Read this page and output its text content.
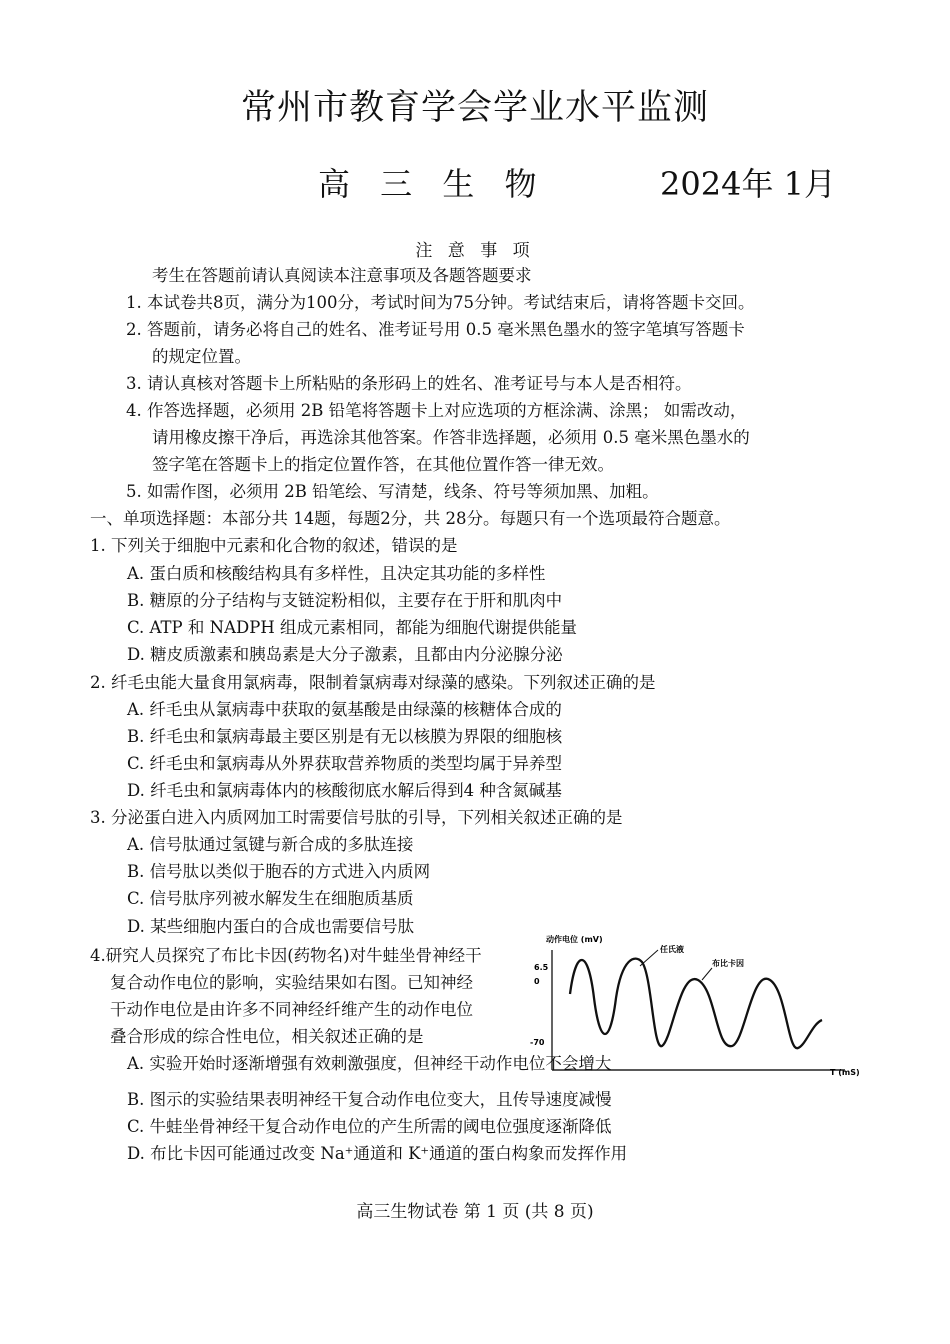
常州市教育学会学业水平监测
高 三 生 物	2024年 1月
注 意 事 项
考生在答题前请认真阅读本注意事项及各题答题要求
1. 本试卷共8页，满分为100分，考试时间为75分钟。考试结束后，请将答题卡交回。
2. 答题前，请务必将自己的姓名、准考证号用 0.5 毫米黑色墨水的签字笔填写答题卡
的规定位置。
3. 请认真核对答题卡上所粘贴的条形码上的姓名、准考证号与本人是否相符。
4. 作答选择题，必须用 2B 铅笔将答题卡上对应选项的方框涂满、涂黑； 如需改动，
请用橡皮擦干净后，再选涂其他答案。作答非选择题，必须用 0.5 毫米黑色墨水的
签字笔在答题卡上的指定位置作答，在其他位置作答一律无效。
5. 如需作图，必须用 2B 铅笔绘、写清楚，线条、符号等须加黑、加粗。
一、单项选择题：本部分共 14题，每题2分，共 28分。每题只有一个选项最符合题意。
1. 下列关于细胞中元素和化合物的叙述，错误的是
A. 蛋白质和核酸结构具有多样性，且决定其功能的多样性
B. 糖原的分子结构与支链淀粉相似，主要存在于肝和肌肉中
C. ATP 和 NADPH 组成元素相同，都能为细胞代谢提供能量
D. 糖皮质激素和胰岛素是大分子激素，且都由内分泌腺分泌
2. 纤毛虫能大量食用氯病毒，限制着氯病毒对绿藻的感染。下列叙述正确的是
A. 纤毛虫从氯病毒中获取的氨基酸是由绿藻的核糖体合成的
B. 纤毛虫和氯病毒最主要区别是有无以核膜为界限的细胞核
C. 纤毛虫和氯病毒从外界获取营养物质的类型均属于异养型
D. 纤毛虫和氯病毒体内的核酸彻底水解后得到4 种含氮碱基
3. 分泌蛋白进入内质网加工时需要信号肽的引导，下列相关叙述正确的是
A. 信号肽通过氢键与新合成的多肽连接
B. 信号肽以类似于胞吞的方式进入内质网
C. 信号肽序列被水解发生在细胞质基质
D. 某些细胞内蛋白的合成也需要信号肽
4.研究人员探究了布比卡因(药物名)对牛蛙坐骨神经干
复合动作电位的影响，实验结果如右图。已知神经
干动作电位是由许多不同神经纤维产生的动作电位
叠合形成的综合性电位，相关叙述正确的是
动作电位 (mV)
6.5
0
-70
T (mS)
任氏液
布比卡因
A. 实验开始时逐渐增强有效刺激强度，但神经干动作电位不会增大
B. 图示的实验结果表明神经干复合动作电位变大，且传导速度减慢
C. 牛蛙坐骨神经干复合动作电位的产生所需的阈电位强度逐渐降低
D. 布比卡因可能通过改变 Na⁺通道和 K⁺通道的蛋白构象而发挥作用
高三生物试卷 第 1 页 (共 8 页)
